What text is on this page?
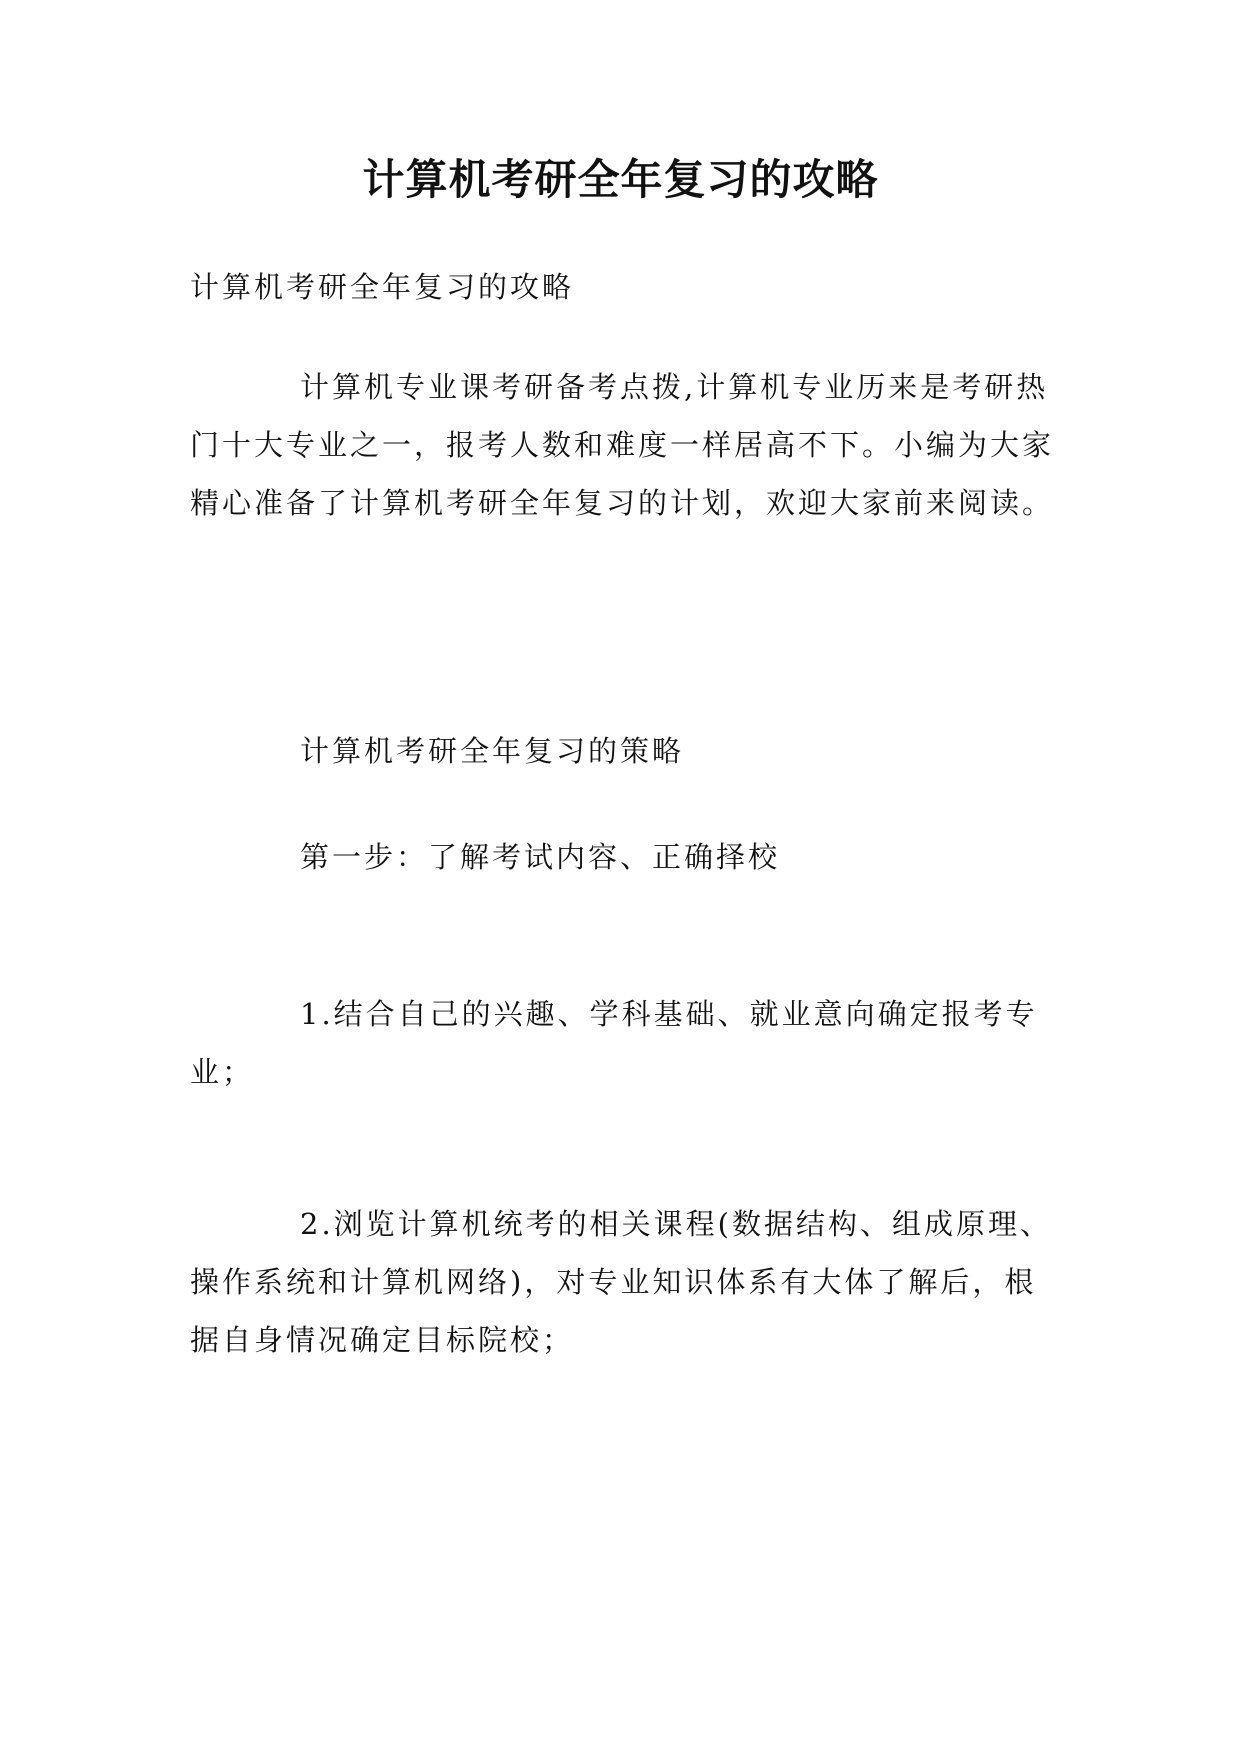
计算机考研全年复习的攻略

计算机考研全年复习的攻略

计算机专业课考研备考点拨,计算机专业历来是考研热门十大专业之一，报考人数和难度一样居高不下。小编为大家精心准备了计算机考研全年复习的计划，欢迎大家前来阅读。

计算机考研全年复习的策略

第一步：了解考试内容、正确择校

1.结合自己的兴趣、学科基础、就业意向确定报考专业；

2.浏览计算机统考的相关课程(数据结构、组成原理、操作系统和计算机网络)，对专业知识体系有大体了解后，根据自身情况确定目标院校；
